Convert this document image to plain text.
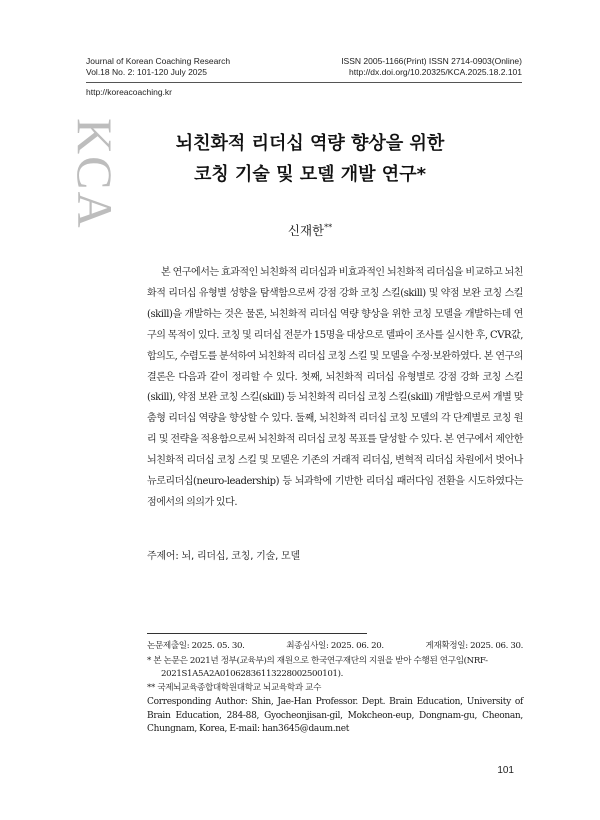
Journal of Korean Coaching Research
Vol.18 No. 2: 101-120 July 2025
ISSN 2005-1166(Print) ISSN 2714-0903(Online)
http://dx.doi.org/10.20325/KCA.2025.18.2.101
http://koreacoaching.kr
KCA	뇌친화적 리더십 역량 향상을 위한
코칭 기술 및 모델 개발 연구*
신재한**

본 연구에서는 효과적인 뇌친화적 리더십과 비효과적인 뇌친화적 리더십을 비교하고 뇌친화적 리더십 유형별 성향을 탐색함으로써 강점 강화 코칭 스킬(skill) 및 약점 보완 코칭 스킬(skill)을 개발하는 것은 물론, 뇌친화적 리더십 역량 향상을 위한 코칭 모델을 개발하는데 연구의 목적이 있다. 코칭 및 리더십 전문가 15명을 대상으로 델파이 조사를 실시한 후, CVR값, 합의도, 수렴도를 분석하여 뇌친화적 리더십 코칭 스킬 및 모델을 수정·보완하였다. 본 연구의 결론은 다음과 같이 정리할 수 있다. 첫째, 뇌친화적 리더십 유형별로 강점 강화 코칭 스킬(skill), 약점 보완 코칭 스킬(skill) 등 뇌친화적 리더십 코칭 스킬(skill) 개발함으로써 개별 맞춤형 리더십 역량을 향상할 수 있다. 둘째, 뇌친화적 리더십 코칭 모델의 각 단계별로 코칭 원리 및 전략을 적용함으로써 뇌친화적 리더십 코칭 목표를 달성할 수 있다. 본 연구에서 제안한 뇌친화적 리더십 코칭 스킬 및 모델은 기존의 거래적 리더십, 변혁적 리더십 차원에서 벗어나 뉴로리더십(neuro-leadership) 등 뇌과학에 기반한 리더십 패러다임 전환을 시도하였다는 점에서의 의의가 있다.

주제어: 뇌, 리더십, 코칭, 기술, 모델
논문제출일: 2025. 05. 30.	최종심사일: 2025. 06. 20.	게재확정일: 2025. 06. 30.
* 본 논문은 2021년 정부(교육부)의 재원으로 한국연구재단의 지원을 받아 수행된 연구임(NRF-2021S1A5A2A01062836113228002500101).
** 국제뇌교육종합대학원대학교 뇌교육학과 교수
Corresponding Author: Shin, Jae-Han Professor. Dept. Brain Education, University of Brain Education, 284-88, Gyocheonjisan-gil, Mokcheon-eup, Dongnam-gu, Cheonan, Chungnam, Korea, E-mail: han3645@daum.net
101
